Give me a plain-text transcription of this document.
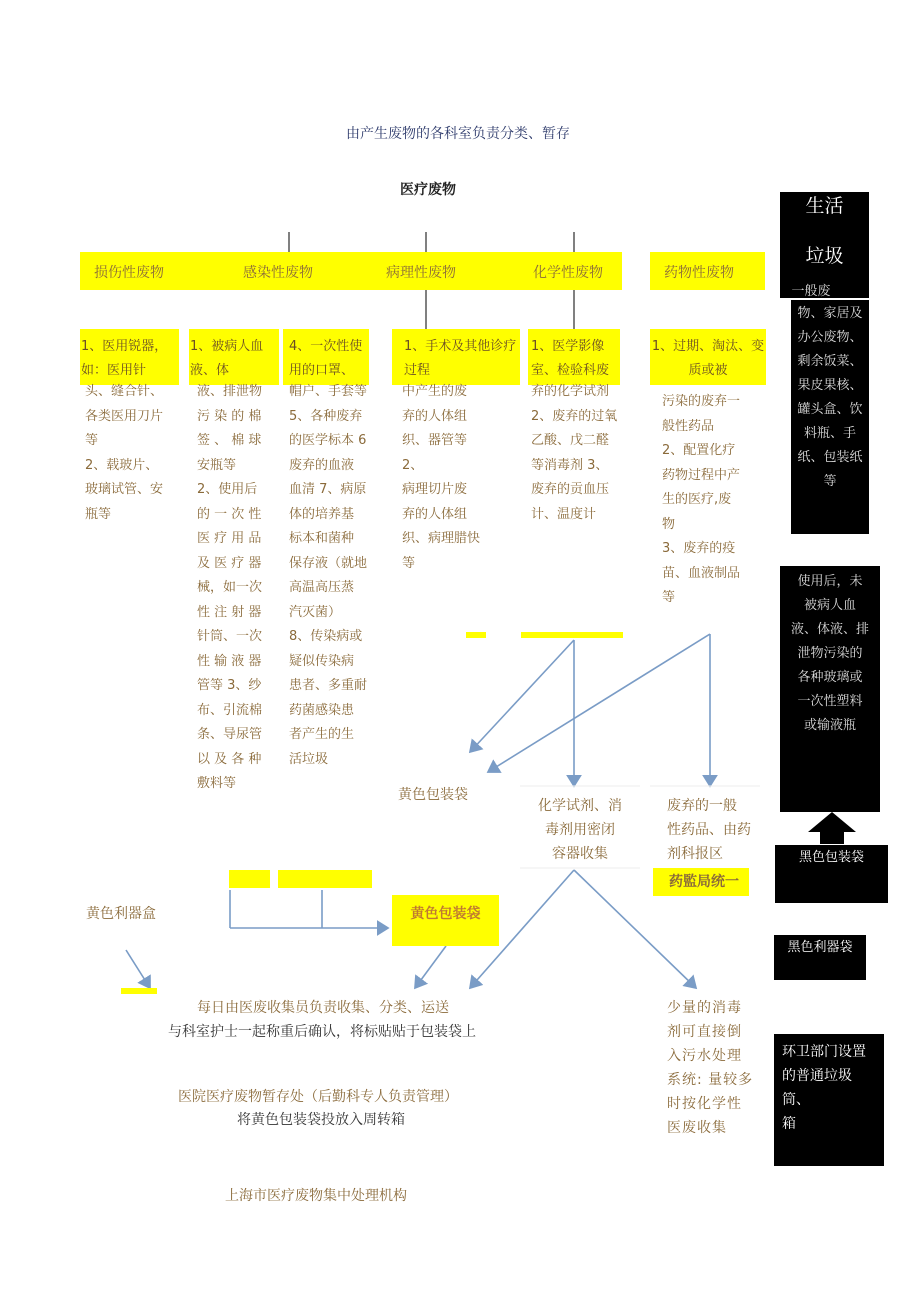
由产生废物的各科室负责分类、暂存
医疗废物
损伤性废物	感染性废物	病理性废物	化学性废物	药物性废物
1、医用锐器，如：医用针
1、被病人血液、体
4、一次性使用的口罩、
1、手术及其他诊疗过程
1、医学影像室、检验科废
1、过期、淘汰、变质或被
头、缝合针、
各类医用刀片
等
2、载玻片、
玻璃试管、安
瓶等
液、排泄物
污 染 的 棉
签 、 棉 球
安瓶等
2、使用后
的 一 次 性
医 疗 用 品
及 医 疗 器
械，如一次
性 注 射 器
针筒、一次
性 输 液 器
管等 3、纱
布、引流棉
条、导尿管
以 及 各 种
敷料等
帽户、手套等
5、各种废弃
的医学标本 6
废弃的血液
血清 7、病原
体的培养基
标本和菌种
保存液（就地
高温高压蒸
汽灭菌）
8、传染病或
疑似传染病
患者、多重耐
药菌感染患
者产生的生
活垃圾
中产生的废
弃的人体组
织、器管等 2、
病理切片废
弃的人体组
织、病理腊快
等
弃的化学试剂
2、废弃的过氧
乙酸、戊二醛
等消毒剂 3、
废弃的贡血压
计、温度计
污染的废弃一
般性药品
2、配置化疗
药物过程中产
生的医疗,废
物
3、废弃的疫
苗、血液制品
等
生活
垃圾
一般废
物、家居及
办公废物、
剩余饭菜、
果皮果核、
罐头盒、饮
料瓶、手
纸、包装纸
等
使用后，未
被病人血
液、体液、排
泄物污染的
各种玻璃或
一次性塑料
或输液瓶
黑色包装袋
黑色利器袋
环卫部门设置
的普通垃圾
筒、
箱
黄色包装袋
化学试剂、消
毒剂用密闭
容器收集
废弃的一般
性药品、由药
剂科报区
药監局统一
黄色利器盒	黄色包装袋
每日由医废收集员负责收集、分类、运送
与科室护士一起称重后确认，将标贴贴于包装袋上
少量的消毒
剂可直接倒
入污水处理
系统: 量较多
时按化学性
医废收集
医院医疗废物暂存处（后勤科专人负责管理）
将黄色包装袋投放入周转箱
上海市医疗废物集中处理机构
